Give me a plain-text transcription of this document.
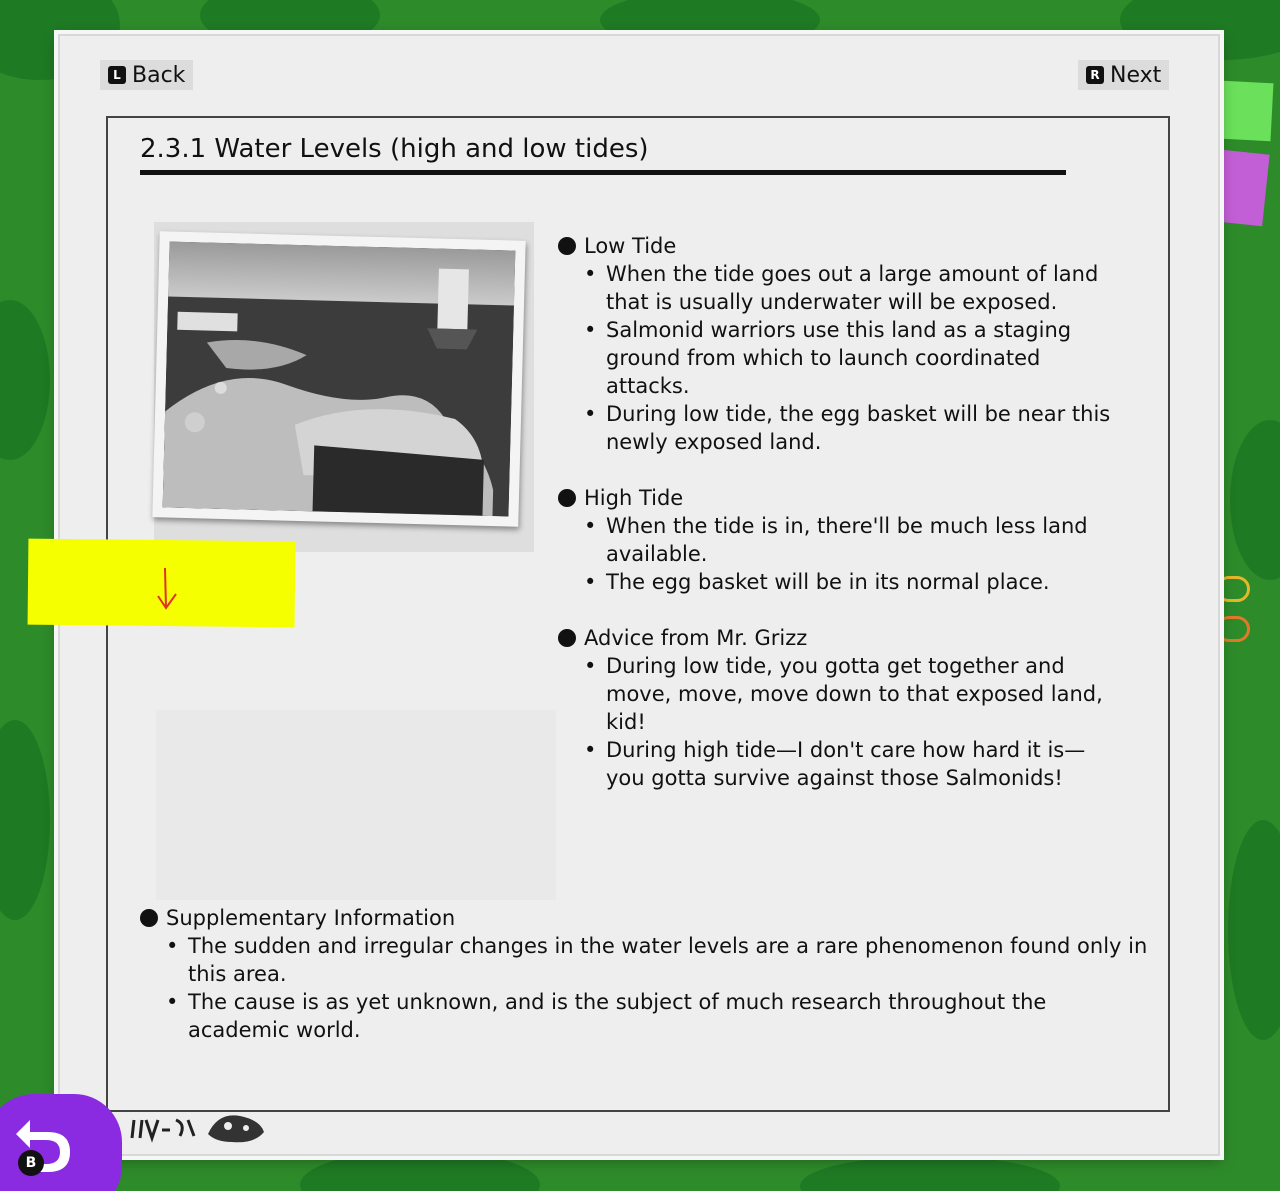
L Back	R Next
2.3.1 Water Levels (high and low tides)
Low Tide
• When the tide goes out a large amount of land that is usually underwater will be exposed.
• Salmonid warriors use this land as a staging ground from which to launch coordinated attacks.
• During low tide, the egg basket will be near this newly exposed land.
High Tide
• When the tide is in, there'll be much less land available.
• The egg basket will be in its normal place.
Advice from Mr. Grizz
• During low tide, you gotta get together and move, move, move down to that exposed land, kid!
• During high tide—I don't care how hard it is—you gotta survive against those Salmonids!
Supplementary Information
• The sudden and irregular changes in the water levels are a rare phenomenon found only in this area.
• The cause is as yet unknown, and is the subject of much research throughout the academic world.
B
